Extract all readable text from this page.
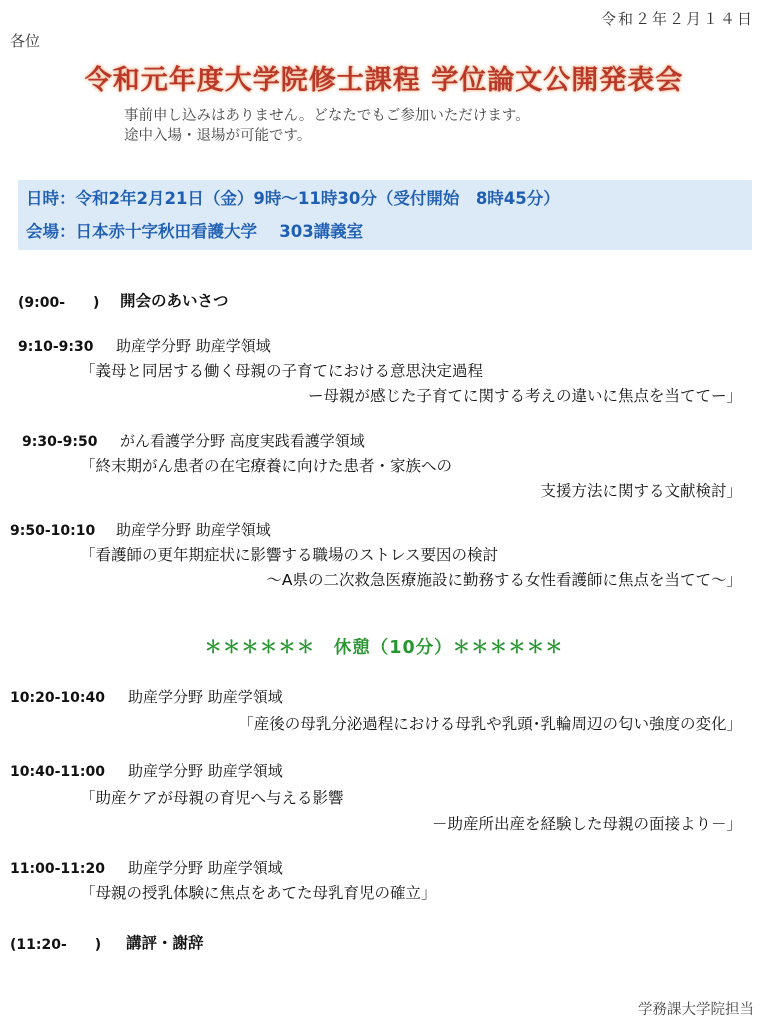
令和２年２月１４日
各位
令和元年度大学院修士課程 学位論文公開発表会
事前申し込みはありません。どなたでもご参加いただけます。
途中入場・退場が可能です。
日時：令和2年2月21日（金）9時～11時30分（受付開始　8時45分）
会場：日本赤十字秋田看護大学　 303講義室
(9:00-　　) 開会のあいさつ
9:10-9:30 助産学分野 助産学領域
「義母と同居する働く母親の子育てにおける意思決定過程
ー母親が感じた子育てに関する考えの違いに焦点を当ててー」
9:30-9:50 がん看護学分野 高度実践看護学領域
「終末期がん患者の在宅療養に向けた患者・家族への
支援方法に関する文献検討」
9:50-10:10 助産学分野 助産学領域
「看護師の更年期症状に影響する職場のストレス要因の検討
～A県の二次救急医療施設に勤務する女性看護師に焦点を当てて～」
＊＊＊＊＊＊　休憩（10分）＊＊＊＊＊＊
10:20-10:40 助産学分野 助産学領域
「産後の母乳分泌過程における母乳や乳頭･乳輪周辺の匂い強度の変化」
10:40-11:00 助産学分野 助産学領域
「助産ケアが母親の育児へ与える影響
－助産所出産を経験した母親の面接より－」
11:00-11:20 助産学分野 助産学領域
「母親の授乳体験に焦点をあてた母乳育児の確立」
(11:20-　　) 講評・謝辞
学務課大学院担当
